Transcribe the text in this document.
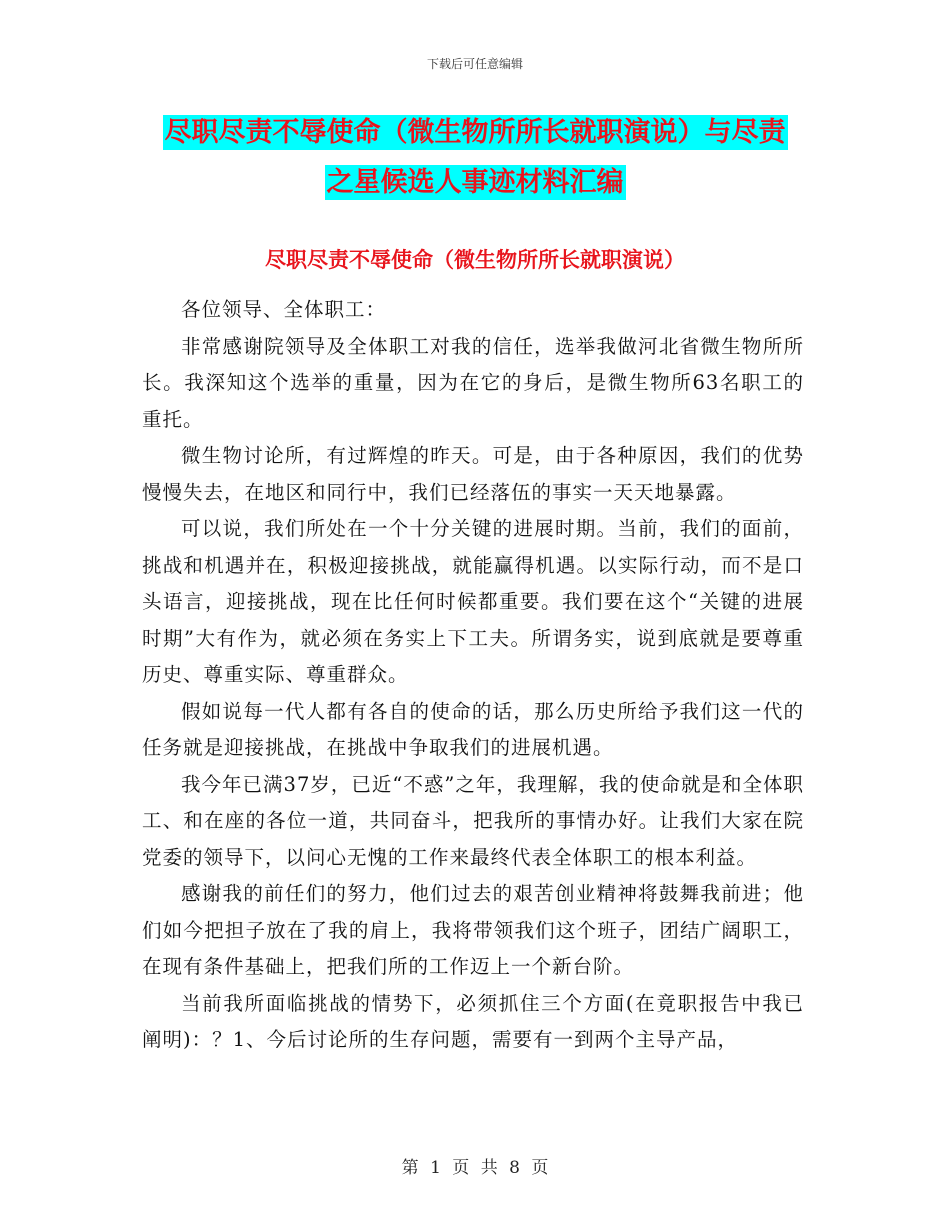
下载后可任意编辑
尽职尽责不辱使命（微生物所所长就职演说）与尽责
之星候选人事迹材料汇编
尽职尽责不辱使命（微生物所所长就职演说）

各位领导、全体职工：

非常感谢院领导及全体职工对我的信任，选举我做河北省微生物所所长。我深知这个选举的重量，因为在它的身后，是微生物所63名职工的重托。

微生物讨论所，有过辉煌的昨天。可是，由于各种原因，我们的优势慢慢失去，在地区和同行中，我们已经落伍的事实一天天地暴露。

可以说，我们所处在一个十分关键的进展时期。当前，我们的面前，挑战和机遇并在，积极迎接挑战，就能赢得机遇。以实际行动，而不是口头语言，迎接挑战，现在比任何时候都重要。我们要在这个“关键的进展时期”大有作为，就必须在务实上下工夫。所谓务实，说到底就是要尊重历史、尊重实际、尊重群众。

假如说每一代人都有各自的使命的话，那么历史所给予我们这一代的任务就是迎接挑战，在挑战中争取我们的进展机遇。

我今年已满37岁，已近“不惑”之年，我理解，我的使命就是和全体职工、和在座的各位一道，共同奋斗，把我所的事情办好。让我们大家在院党委的领导下，以问心无愧的工作来最终代表全体职工的根本利益。

感谢我的前任们的努力，他们过去的艰苦创业精神将鼓舞我前进；他们如今把担子放在了我的肩上，我将带领我们这个班子，团结广阔职工，在现有条件基础上，把我们所的工作迈上一个新台阶。

当前我所面临挑战的情势下，必须抓住三个方面(在竟职报告中我已阐明)：？1、今后讨论所的生存问题，需要有一到两个主导产品，

第 1 页 共 8 页
